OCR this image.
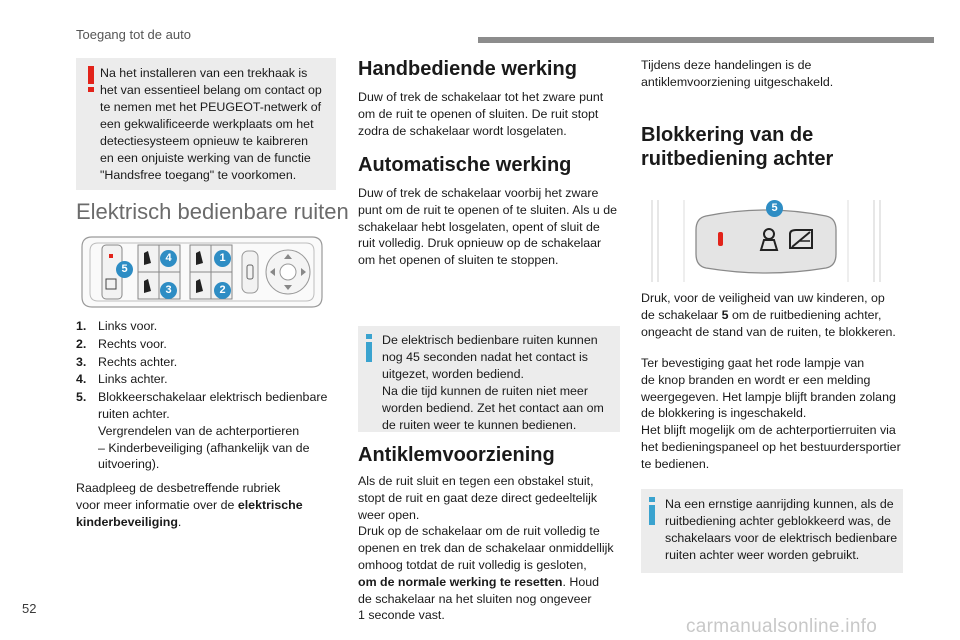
Toegang tot de auto
Na het installeren van een trekhaak is
het van essentieel belang om contact op
te nemen met het PEUGEOT-netwerk of
een gekwalificeerde werkplaats om het
detectiesysteem opnieuw te kaibreren
en een onjuiste werking van de functie
"Handsfree toegang" te voorkomen.
Elektrisch bedienbare ruiten
1
2
3
4
5
1. Links voor.
2. Rechts voor.
3. Rechts achter.
4. Links achter.
5. Blokkeerschakelaar elektrisch bedienbare
ruiten achter.
Vergrendelen van de achterportieren
– Kinderbeveiliging (afhankelijk van de
uitvoering).
Raadpleeg de desbetreffende rubriek
voor meer informatie over de elektrische
kinderbeveiliging.
Handbediende werking
Duw of trek de schakelaar tot het zware punt
om de ruit te openen of sluiten. De ruit stopt
zodra de schakelaar wordt losgelaten.
Automatische werking
Duw of trek de schakelaar voorbij het zware
punt om de ruit te openen of te sluiten. Als u de
schakelaar hebt losgelaten, opent of sluit de
ruit volledig. Druk opnieuw op de schakelaar
om het openen of sluiten te stoppen.
De elektrisch bedienbare ruiten kunnen
nog 45 seconden nadat het contact is
uitgezet, worden bediend.
Na die tijd kunnen de ruiten niet meer
worden bediend. Zet het contact aan om
de ruiten weer te kunnen bedienen.
Antiklemvoorziening
Als de ruit sluit en tegen een obstakel stuit,
stopt de ruit en gaat deze direct gedeeltelijk
weer open.
Druk op de schakelaar om de ruit volledig te
openen en trek dan de schakelaar onmiddellijk
omhoog totdat de ruit volledig is gesloten,
om de normale werking te resetten. Houd
de schakelaar na het sluiten nog ongeveer
1 seconde vast.
Tijdens deze handelingen is de
antiklemvoorziening uitgeschakeld.
Blokkering van de
ruitbediening achter
5
Druk, voor de veiligheid van uw kinderen, op
de schakelaar 5 om de ruitbediening achter,
ongeacht de stand van de ruiten, te blokkeren.
Ter bevestiging gaat het rode lampje van
de knop branden en wordt er een melding
weergegeven. Het lampje blijft branden zolang
de blokkering is ingeschakeld.
Het blijft mogelijk om de achterportierruiten via
het bedieningspaneel op het bestuurdersportier
te bedienen.
Na een ernstige aanrijding kunnen, als de
ruitbediening achter geblokkeerd was, de
schakelaars voor de elektrisch bedienbare
ruiten achter weer worden gebruikt.
52
carmanualsonline.info
